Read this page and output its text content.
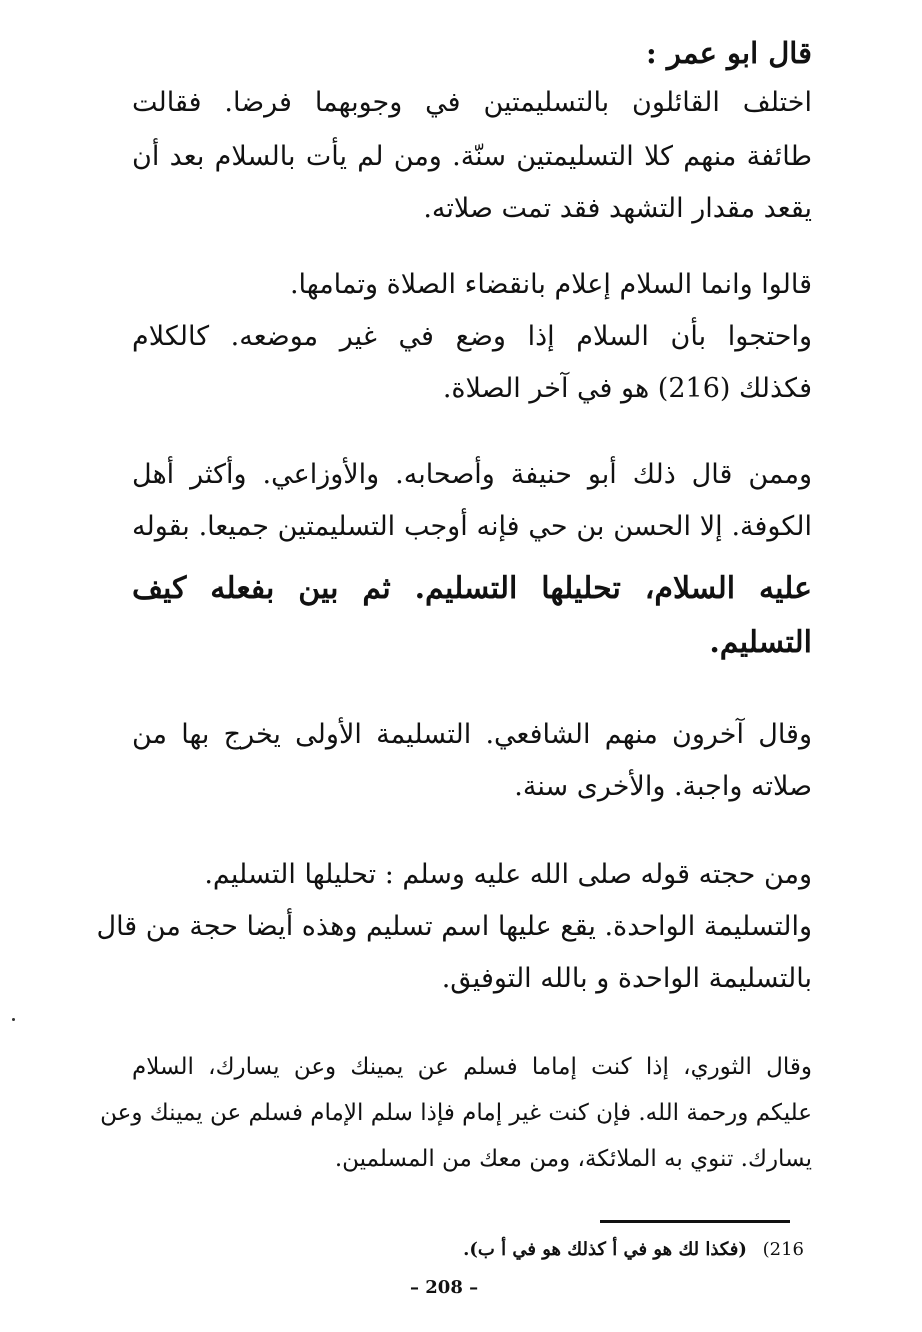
قال ابو عمر :
اختلف القائلون بالتسليمتين في وجوبهما فرضا. فقالت
طائفة منهم كلا التسليمتين سنّة. ومن لم يأت بالسلام بعد أن
يقعد مقدار التشهد فقد تمت صلاته.
قالوا وانما السلام إعلام بانقضاء الصلاة وتمامها.
واحتجوا بأن السلام إذا وضع في غير موضعه. كالكلام
فكذلك (216) هو في آخر الصلاة.
وممن قال ذلك أبو حنيفة وأصحابه. والأوزاعي. وأكثر أهل
الكوفة. إلا الحسن بن حي فإنه أوجب التسليمتين جميعا. بقوله
عليه السلام، تحليلها التسليم. ثم بين بفعله كيف
التسليم.
وقال آخرون منهم الشافعي. التسليمة الأولى يخرج بها من
صلاته واجبة. والأخرى سنة.
ومن حجته قوله صلى الله عليه وسلم : تحليلها التسليم.
والتسليمة الواحدة. يقع عليها اسم تسليم وهذه أيضا حجة من قال
بالتسليمة الواحدة و بالله التوفيق.
وقال الثوري، إذا كنت إماما فسلم عن يمينك وعن يسارك، السلام
عليكم ورحمة الله. فإن كنت غير إمام فإذا سلم الإمام فسلم عن يمينك وعن
يسارك. تنوي به الملائكة، ومن معك من المسلمين.
216) (فكذا لك هو في أ كذلك هو في أ ب).
– 208 –
